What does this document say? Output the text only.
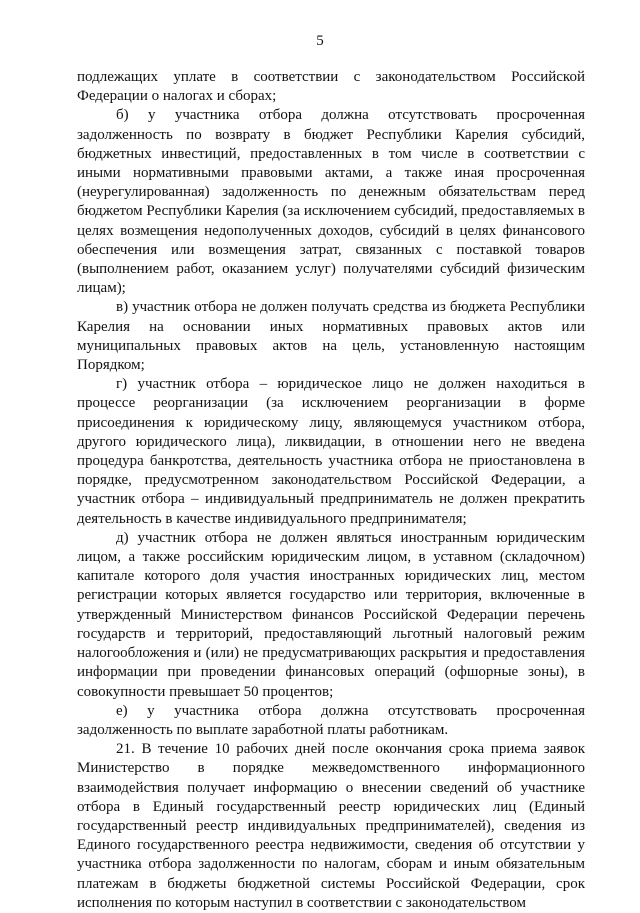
5

подлежащих уплате в соответствии с законодательством Российской Федерации о налогах и сборах;

б) у участника отбора должна отсутствовать просроченная задолженность по возврату в бюджет Республики Карелия субсидий, бюджетных инвестиций, предоставленных в том числе в соответствии с иными нормативными правовыми актами, а также иная просроченная (неурегулированная) задолженность по денежным обязательствам перед бюджетом Республики Карелия (за исключением субсидий, предоставляемых в целях возмещения недополученных доходов, субсидий в целях финансового обеспечения или возмещения затрат, связанных с поставкой товаров (выполнением работ, оказанием услуг) получателями субсидий физическим лицам);

в) участник отбора не должен получать средства из бюджета Республики Карелия на основании иных нормативных правовых актов или муниципальных правовых актов на цель, установленную настоящим Порядком;

г) участник отбора – юридическое лицо не должен находиться в процессе реорганизации (за исключением реорганизации в форме присоединения к юридическому лицу, являющемуся участником отбора, другого юридического лица), ликвидации, в отношении него не введена процедура банкротства, деятельность участника отбора не приостановлена в порядке, предусмотренном законодательством Российской Федерации, а участник отбора – индивидуальный предприниматель не должен прекратить деятельность в качестве индивидуального предпринимателя;

д) участник отбора не должен являться иностранным юридическим лицом, а также российским юридическим лицом, в уставном (складочном) капитале которого доля участия иностранных юридических лиц, местом регистрации которых является государство или территория, включенные в утвержденный Министерством финансов Российской Федерации перечень государств и территорий, предоставляющий льготный налоговый режим налогообложения и (или) не предусматривающих раскрытия и предоставления информации при проведении финансовых операций (офшорные зоны), в совокупности превышает 50 процентов;

е) у участника отбора должна отсутствовать просроченная задолженность по выплате заработной платы работникам.

21. В течение 10 рабочих дней после окончания срока приема заявок Министерство в порядке межведомственного информационного взаимодействия получает информацию о внесении сведений об участнике отбора в Единый государственный реестр юридических лиц (Единый государственный реестр индивидуальных предпринимателей), сведения из Единого государственного реестра недвижимости, сведения об отсутствии у участника отбора задолженности по налогам, сборам и иным обязательным платежам в бюджеты бюджетной системы Российской Федерации, срок исполнения по которым наступил в соответствии с законодательством
